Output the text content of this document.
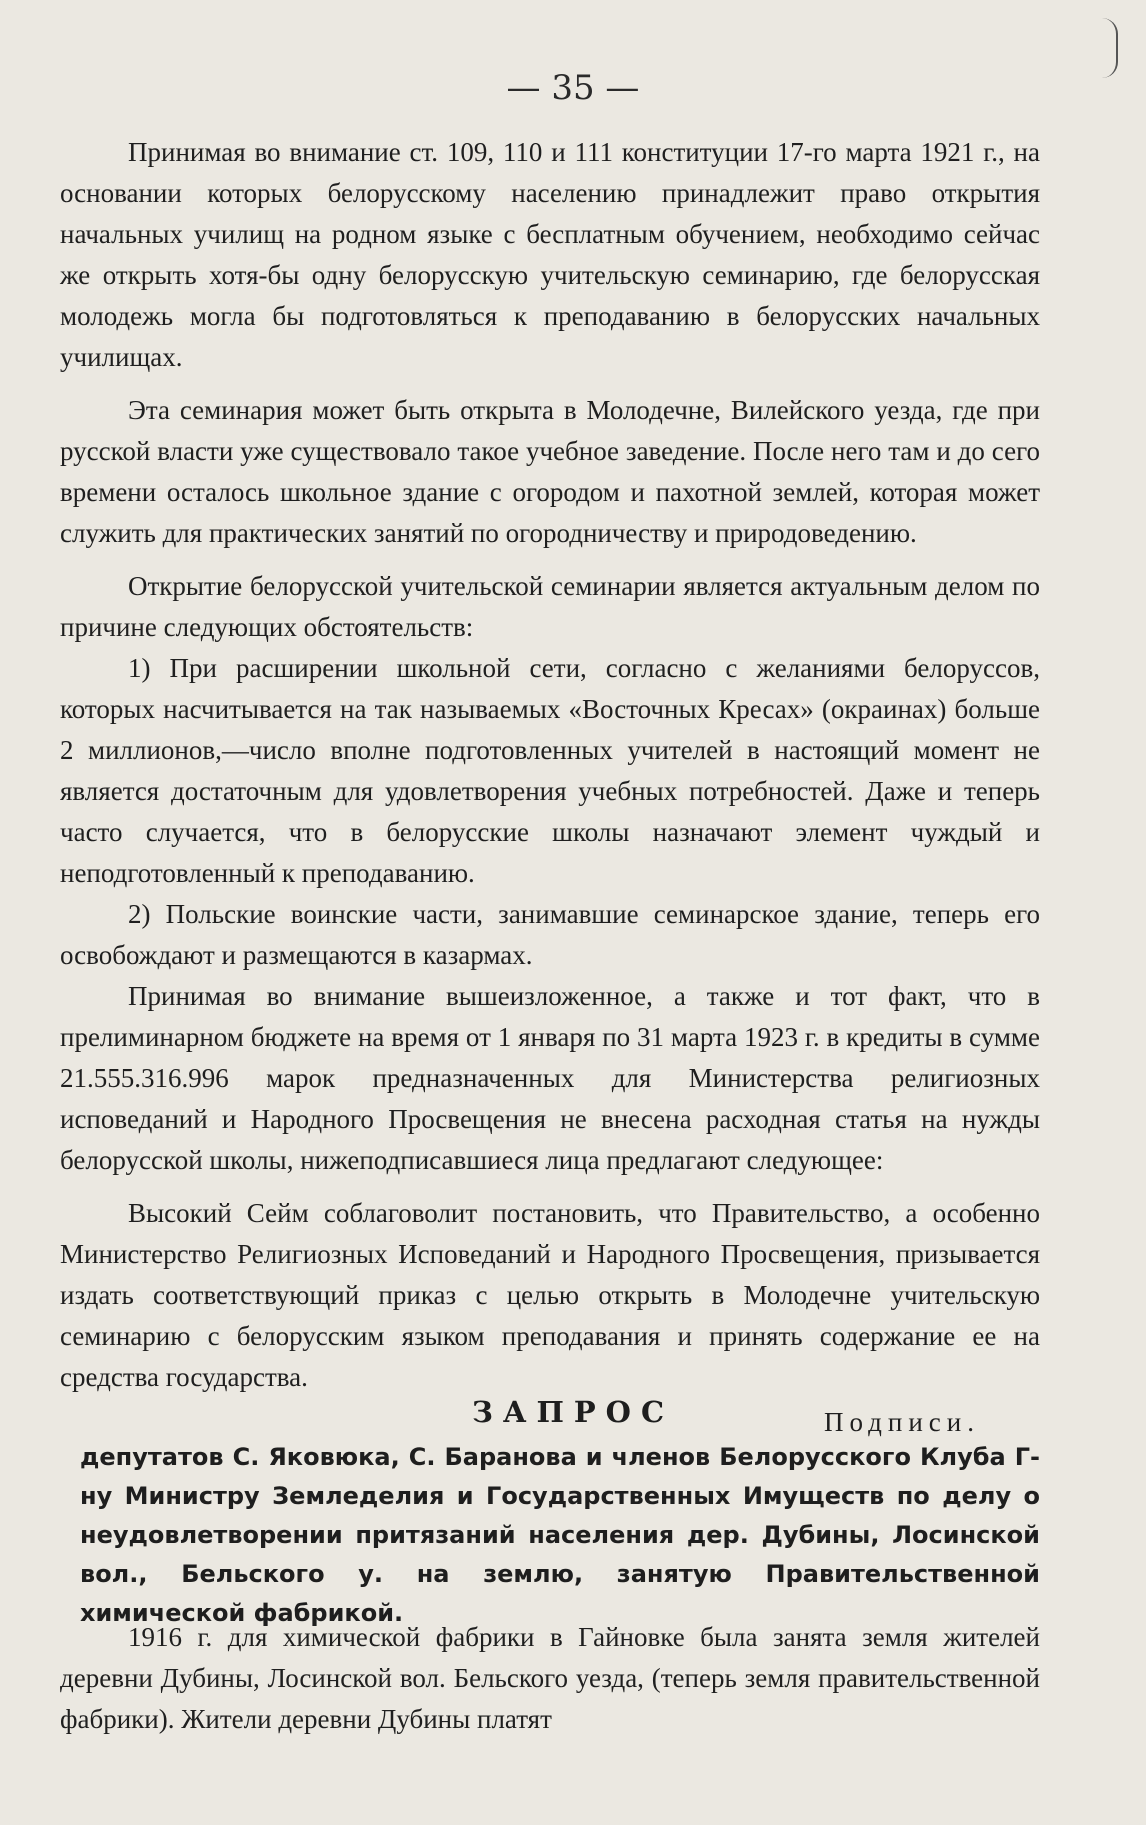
— 35 —

Принимая во внимание ст. 109, 110 и 111 конституции 17-го марта 1921 г., на основании которых белорусскому населению принадлежит право открытия начальных училищ на родном языке с бесплатным обучением, необходимо сейчас же открыть хотя-бы одну белорусскую учительскую семинарию, где белорусская молодежь могла бы подготовляться к преподаванию в белорусских начальных училищах.

Эта семинария может быть открыта в Молодечне, Вилейского уезда, где при русской власти уже существовало такое учебное заведение. После него там и до сего времени осталось школьное здание с огородом и пахотной землей, которая может служить для практических занятий по огородничеству и природоведению.

Открытие белорусской учительской семинарии является актуальным делом по причине следующих обстоятельств:

1) При расширении школьной сети, согласно с желаниями белоруссов, которых насчитывается на так называемых «Восточных Кресах» (окраинах) больше 2 миллионов,—число вполне подготовленных учителей в настоящий момент не является достаточным для удовлетворения учебных потребностей. Даже и теперь часто случается, что в белорусские школы назначают элемент чуждый и неподготовленный к преподаванию.

2) Польские воинские части, занимавшие семинарское здание, теперь его освобождают и размещаются в казармах.

Принимая во внимание вышеизложенное, а также и тот факт, что в прелиминарном бюджете на время от 1 января по 31 марта 1923 г. в кредиты в сумме 21.555.316.996 марок предназначенных для Министерства религиозных исповеданий и Народного Просвещения не внесена расходная статья на нужды белорусской школы, нижеподписавшиеся лица предлагают следующее:

Высокий Сейм соблаговолит постановить, что Правительство, а особенно Министерство Религиозных Исповеданий и Народного Просвещения, призывается издать соответствующий приказ с целью открыть в Молодечне учительскую семинарию с белорусским языком преподавания и принять содержание ее на средства государства.

Подписи.

ЗАПРОС

депутатов С. Яковюка, С. Баранова и членов Белорусского Клуба Г-ну Министру Земледелия и Государственных Имуществ по делу о неудовлетворении притязаний населения дер. Дубины, Лосинской вол., Бельского у. на землю, занятую Правительственной химической фабрикой.

1916 г. для химической фабрики в Гайновке была занята земля жителей деревни Дубины, Лосинской вол. Бельского уезда, (теперь земля правительственной фабрики). Жители деревни Дубины платят
